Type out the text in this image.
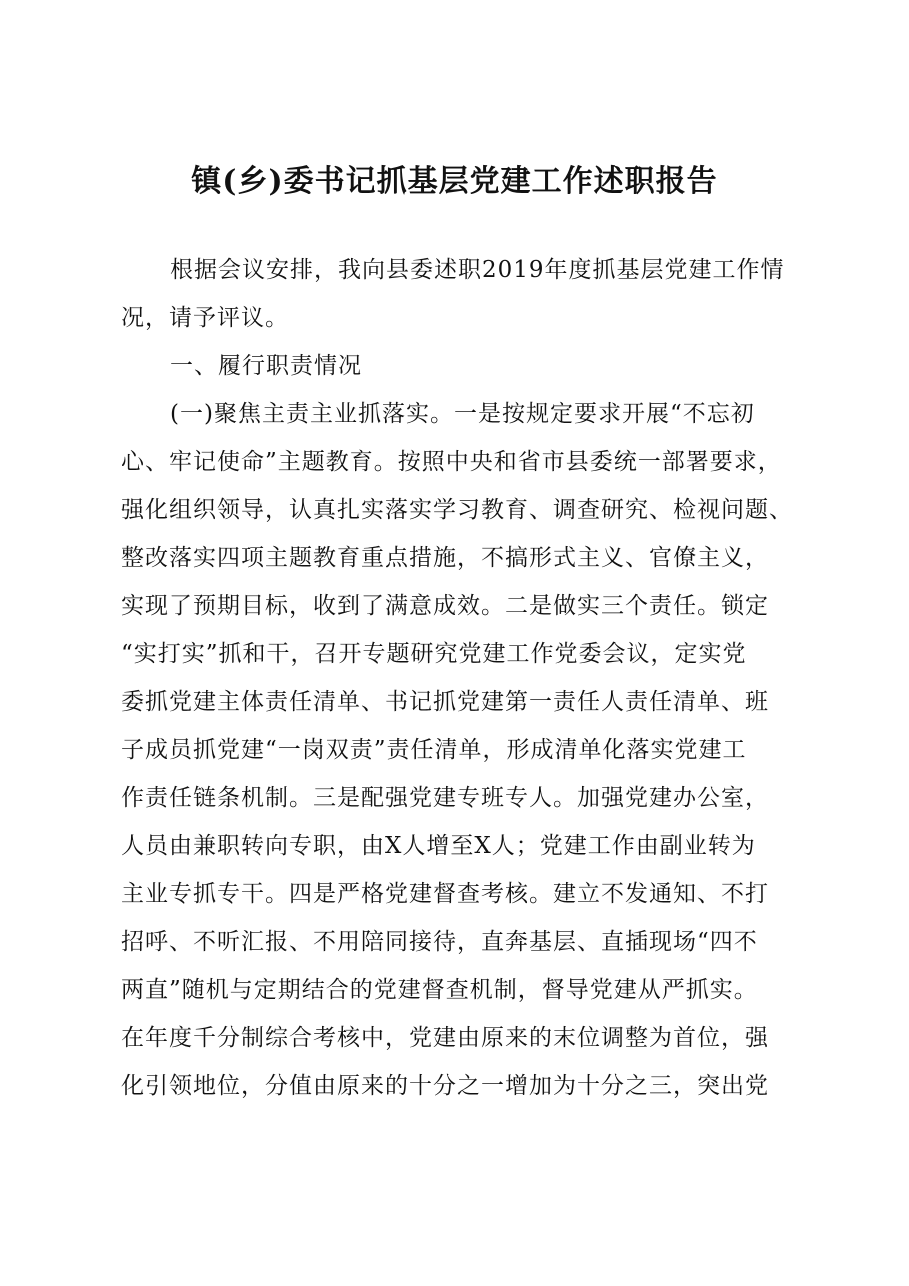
镇(乡)委书记抓基层党建工作述职报告
根据会议安排，我向县委述职2019年度抓基层党建工作情
况，请予评议。
一、履行职责情况
(一)聚焦主责主业抓落实。一是按规定要求开展“不忘初
心、牢记使命”主题教育。按照中央和省市县委统一部署要求，
强化组织领导，认真扎实落实学习教育、调查研究、检视问题、
整改落实四项主题教育重点措施，不搞形式主义、官僚主义，
实现了预期目标，收到了满意成效。二是做实三个责任。锁定
“实打实”抓和干，召开专题研究党建工作党委会议，定实党
委抓党建主体责任清单、书记抓党建第一责任人责任清单、班
子成员抓党建“一岗双责”责任清单，形成清单化落实党建工
作责任链条机制。三是配强党建专班专人。加强党建办公室，
人员由兼职转向专职，由X人增至X人；党建工作由副业转为
主业专抓专干。四是严格党建督查考核。建立不发通知、不打
招呼、不听汇报、不用陪同接待，直奔基层、直插现场“四不
两直”随机与定期结合的党建督查机制，督导党建从严抓实。
在年度千分制综合考核中，党建由原来的末位调整为首位，强
化引领地位，分值由原来的十分之一增加为十分之三，突出党
